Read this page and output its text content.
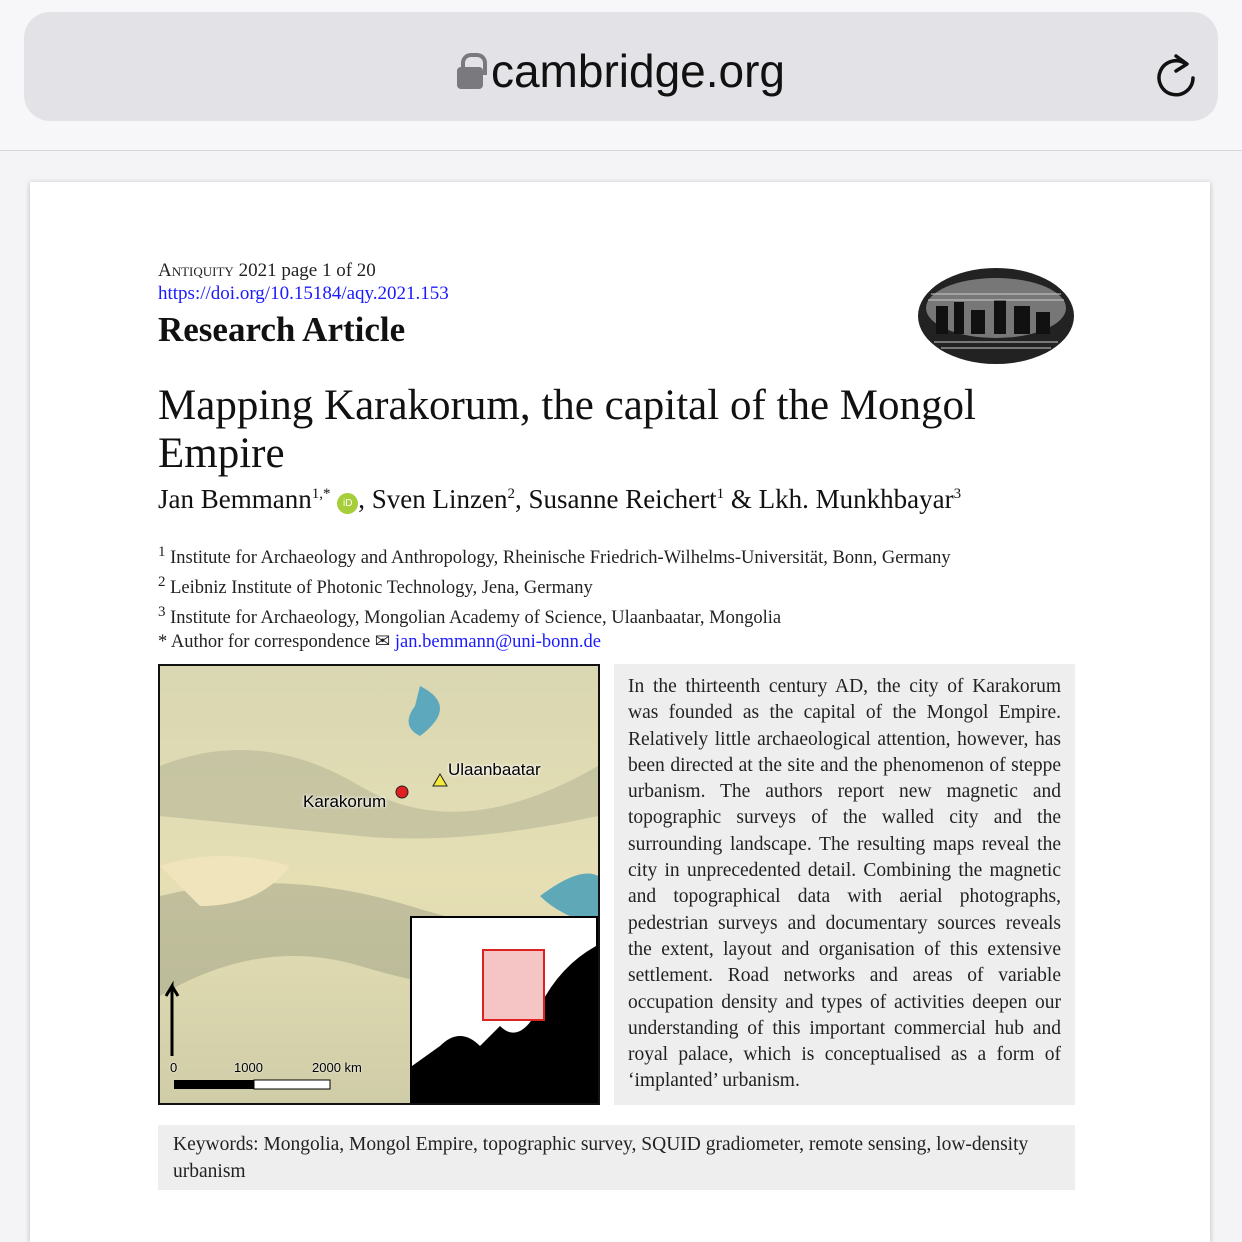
cambridge.org
Antiquity 2021 page 1 of 20
https://doi.org/10.15184/aqy.2021.153
Research Article
Mapping Karakorum, the capital of the Mongol Empire
Jan Bemmann$^{1,*}$ iD , Sven Linzen$^2$, Susanne Reichert$^1$ & Lkh. Munkhbayar$^3$
$^1$ Institute for Archaeology and Anthropology, Rheinische Friedrich-Wilhelms-Universität, Bonn, Germany
$^2$ Leibniz Institute of Photonic Technology, Jena, Germany
$^3$ Institute for Archaeology, Mongolian Academy of Science, Ulaanbaatar, Mongolia
* Author for correspondence ✉ jan.bemmann@uni-bonn.de
Ulaanbaatar
Karakorum
0	1000	2000 km
In the thirteenth century AD, the city of Karakorum was founded as the capital of the Mongol Empire. Relatively little archaeological attention, however, has been directed at the site and the phenomenon of steppe urbanism. The authors report new magnetic and topographic surveys of the walled city and the surrounding landscape. The resulting maps reveal the city in unprecedented detail. Combining the magnetic and topographical data with aerial photographs, pedestrian surveys and documentary sources reveals the extent, layout and organisation of this extensive settlement. Road networks and areas of variable occupation density and types of activities deepen our understanding of this important commercial hub and royal palace, which is conceptualised as a form of ‘implanted’ urbanism.
Keywords: Mongolia, Mongol Empire, topographic survey, SQUID gradiometer, remote sensing, low-density urbanism
